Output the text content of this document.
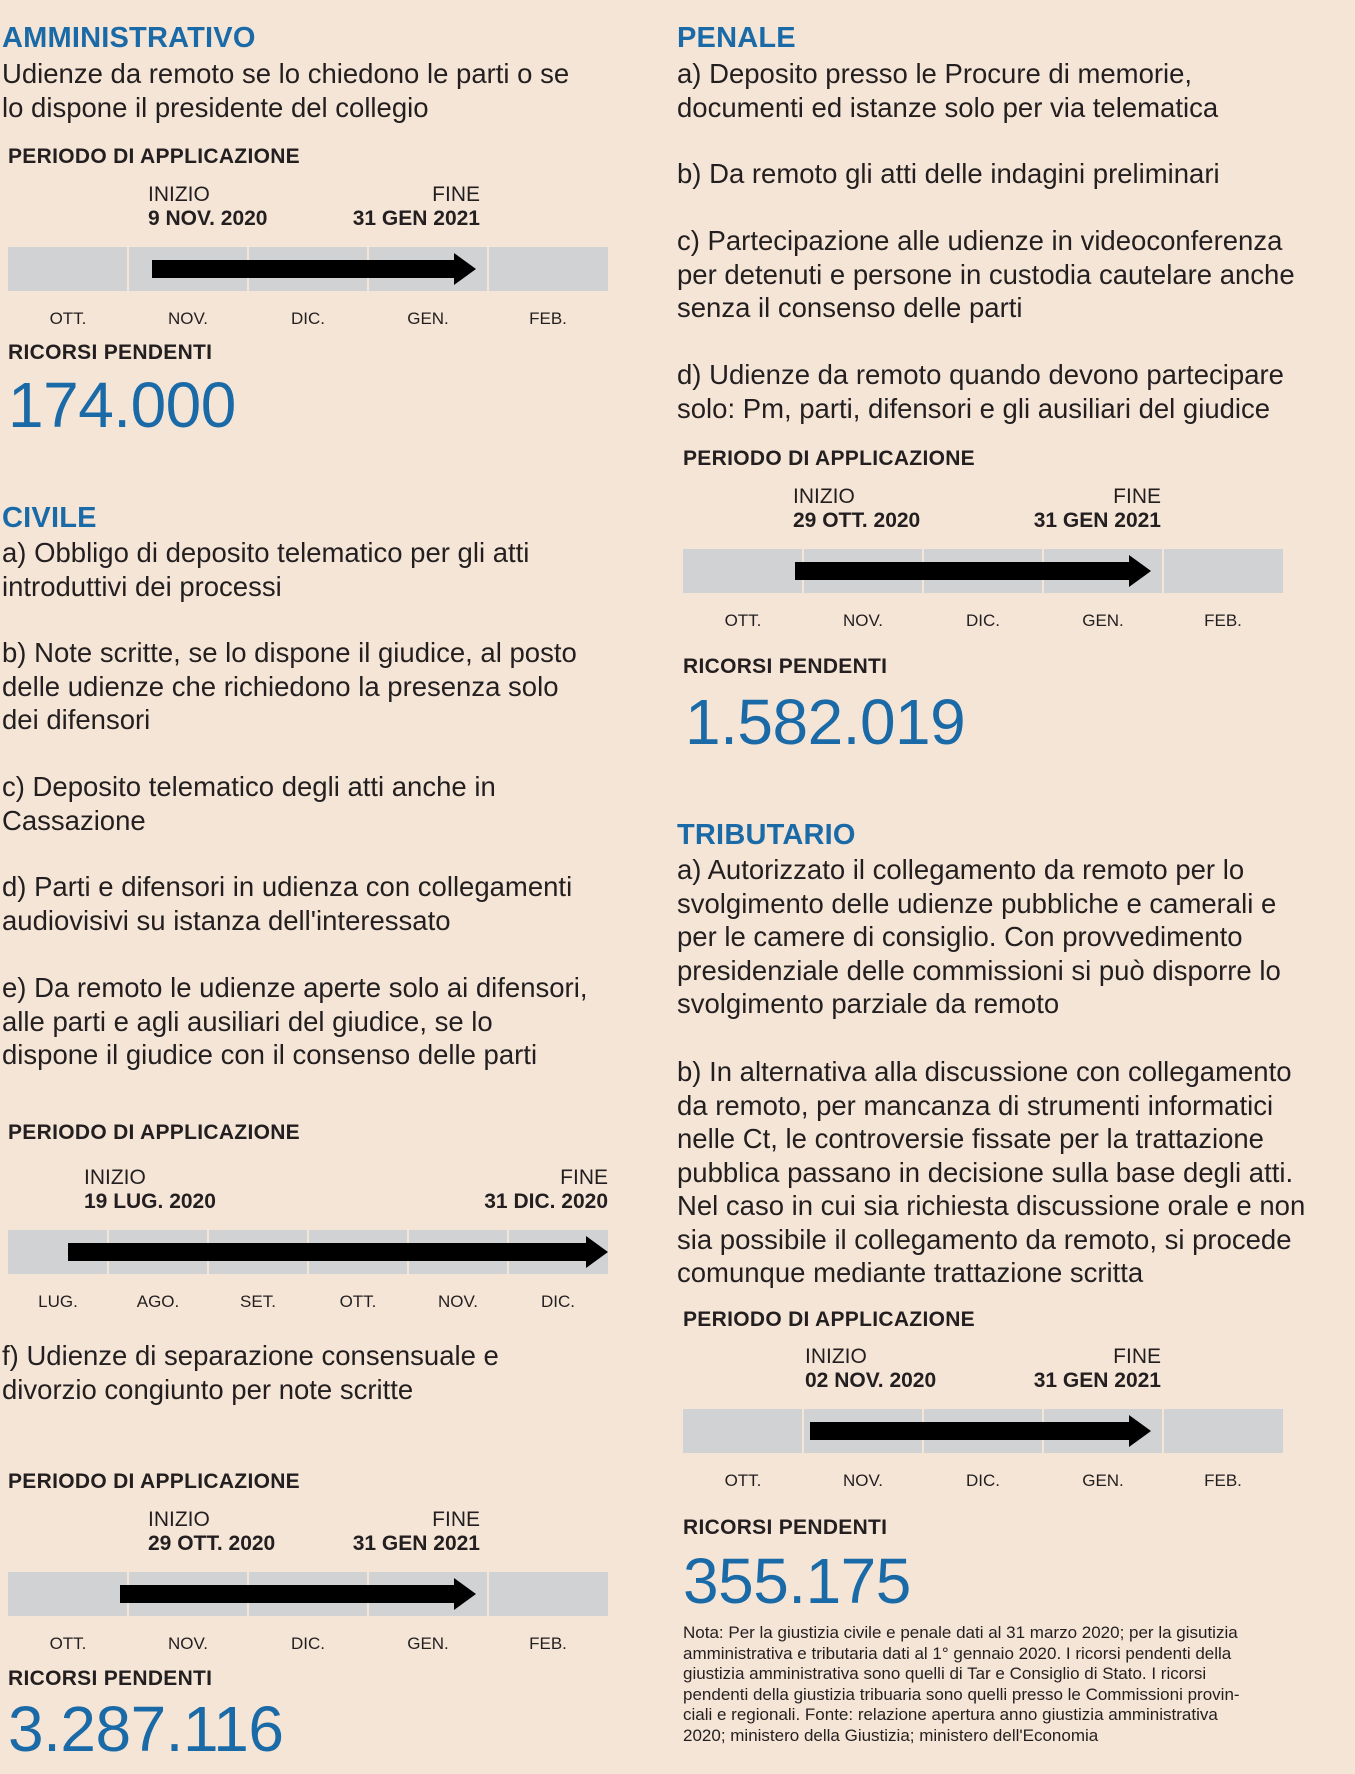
AMMINISTRATIVO
Udienze da remoto se lo chiedono le parti o se
lo dispone il presidente del collegio
PERIODO DI APPLICAZIONE
INIZIO
9 NOV. 2020
FINE
31 GEN 2021
OTT.	NOV.	DIC.	GEN.	FEB.
RICORSI PENDENTI
174.000
CIVILE
a) Obbligo di deposito telematico per gli atti
introduttivi dei processi
b) Note scritte, se lo dispone il giudice, al posto
delle udienze che richiedono la presenza solo
dei difensori
c) Deposito telematico degli atti anche in
Cassazione
d) Parti e difensori in udienza con collegamenti
audiovisivi su istanza dell'interessato
e) Da remoto le udienze aperte solo ai difensori,
alle parti e agli ausiliari del giudice, se lo
dispone il giudice con il consenso delle parti
PERIODO DI APPLICAZIONE
INIZIO
19 LUG. 2020
FINE
31 DIC. 2020
LUG.	AGO.	SET.	OTT.	NOV.	DIC.
f) Udienze di separazione consensuale e
divorzio congiunto per note scritte
PERIODO DI APPLICAZIONE
INIZIO
29 OTT. 2020
FINE
31 GEN 2021
OTT.	NOV.	DIC.	GEN.	FEB.
RICORSI PENDENTI
3.287.116
PENALE
a) Deposito presso le Procure di memorie,
documenti ed istanze solo per via telematica
b) Da remoto gli atti delle indagini preliminari
c) Partecipazione alle udienze in videoconferenza
per detenuti e persone in custodia cautelare anche
senza il consenso delle parti
d) Udienze da remoto quando devono partecipare
solo: Pm, parti, difensori e gli ausiliari del giudice
PERIODO DI APPLICAZIONE
INIZIO
29 OTT. 2020
FINE
31 GEN 2021
OTT.	NOV.	DIC.	GEN.	FEB.
RICORSI PENDENTI
1.582.019
TRIBUTARIO
a) Autorizzato il collegamento da remoto per lo
svolgimento delle udienze pubbliche e camerali e
per le camere di consiglio. Con provvedimento
presidenziale delle commissioni si può disporre lo
svolgimento parziale da remoto
b) In alternativa alla discussione con collegamento
da remoto, per mancanza di strumenti informatici
nelle Ct, le controversie fissate per la trattazione
pubblica passano in decisione sulla base degli atti.
Nel caso in cui sia richiesta discussione orale e non
sia possibile il collegamento da remoto, si procede
comunque mediante trattazione scritta
PERIODO DI APPLICAZIONE
INIZIO
02 NOV. 2020
FINE
31 GEN 2021
OTT.	NOV.	DIC.	GEN.	FEB.
RICORSI PENDENTI
355.175
Nota: Per la giustizia civile e penale dati al 31 marzo 2020; per la gisutizia
amministrativa e tributaria dati al 1° gennaio 2020. I ricorsi pendenti della
giustizia amministrativa sono quelli di Tar e Consiglio di Stato. I ricorsi
pendenti della giustizia tribuaria sono quelli presso le Commissioni provin-
ciali e regionali. Fonte: relazione apertura anno giustizia amministrativa
2020; ministero della Giustizia; ministero dell'Economia
